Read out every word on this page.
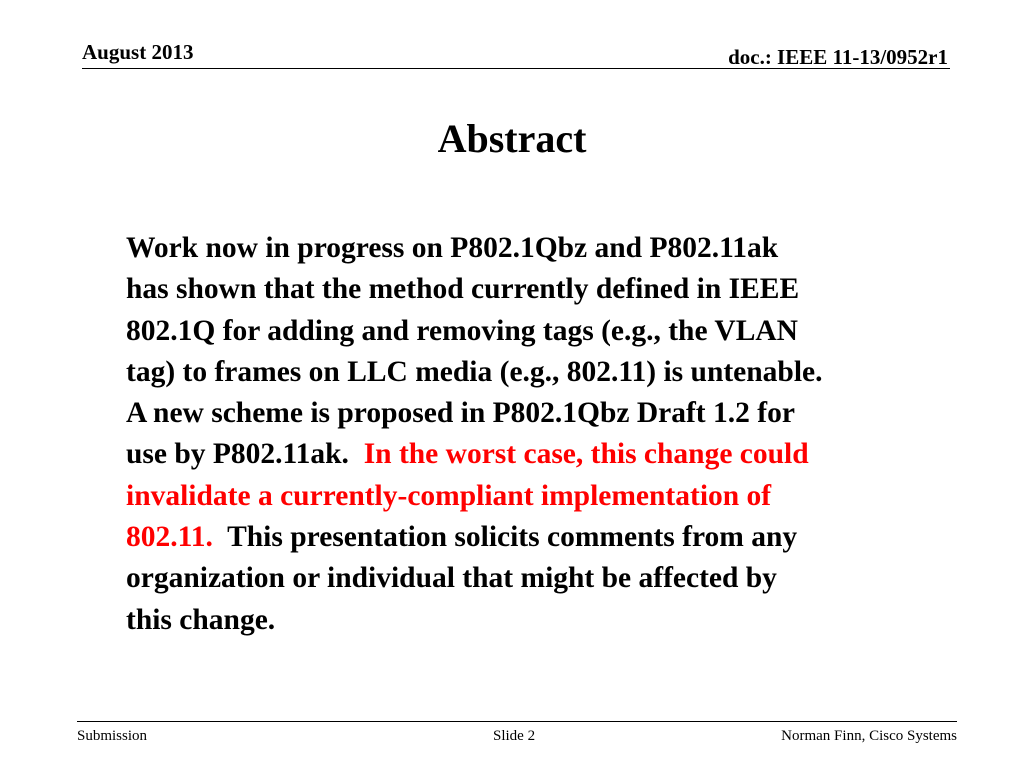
August 2013	doc.: IEEE 11-13/0952r1
Abstract
Work now in progress on P802.1Qbz and P802.11ak
has shown that the method currently defined in IEEE
802.1Q for adding and removing tags (e.g., the VLAN
tag) to frames on LLC media (e.g., 802.11) is untenable.
A new scheme is proposed in P802.1Qbz Draft 1.2 for
use by P802.11ak.  In the worst case, this change could
invalidate a currently-compliant implementation of
802.11.  This presentation solicits comments from any
organization or individual that might be affected by
this change.
Submission	Slide 2	Norman Finn, Cisco Systems
